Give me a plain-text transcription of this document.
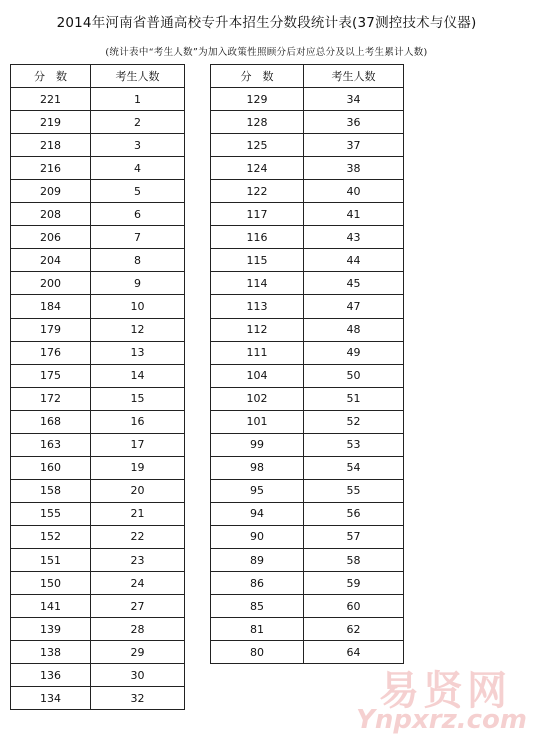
2014年河南省普通高校专升本招生分数段统计表(37测控技术与仪器)
(统计表中“考生人数”为加入政策性照顾分后对应总分及以上考生累计人数)
分　数	考生人数
221	1
219	2
218	3
216	4
209	5
208	6
206	7
204	8
200	9
184	10
179	12
176	13
175	14
172	15
168	16
163	17
160	19
158	20
155	21
152	22
151	23
150	24
141	27
139	28
138	29
136	30
134	32
分　数	考生人数
129	34
128	36
125	37
124	38
122	40
117	41
116	43
115	44
114	45
113	47
112	48
111	49
104	50
102	51
101	52
99	53
98	54
95	55
94	56
90	57
89	58
86	59
85	60
81	62
80	64
易贤网
Ynpxrz.com
